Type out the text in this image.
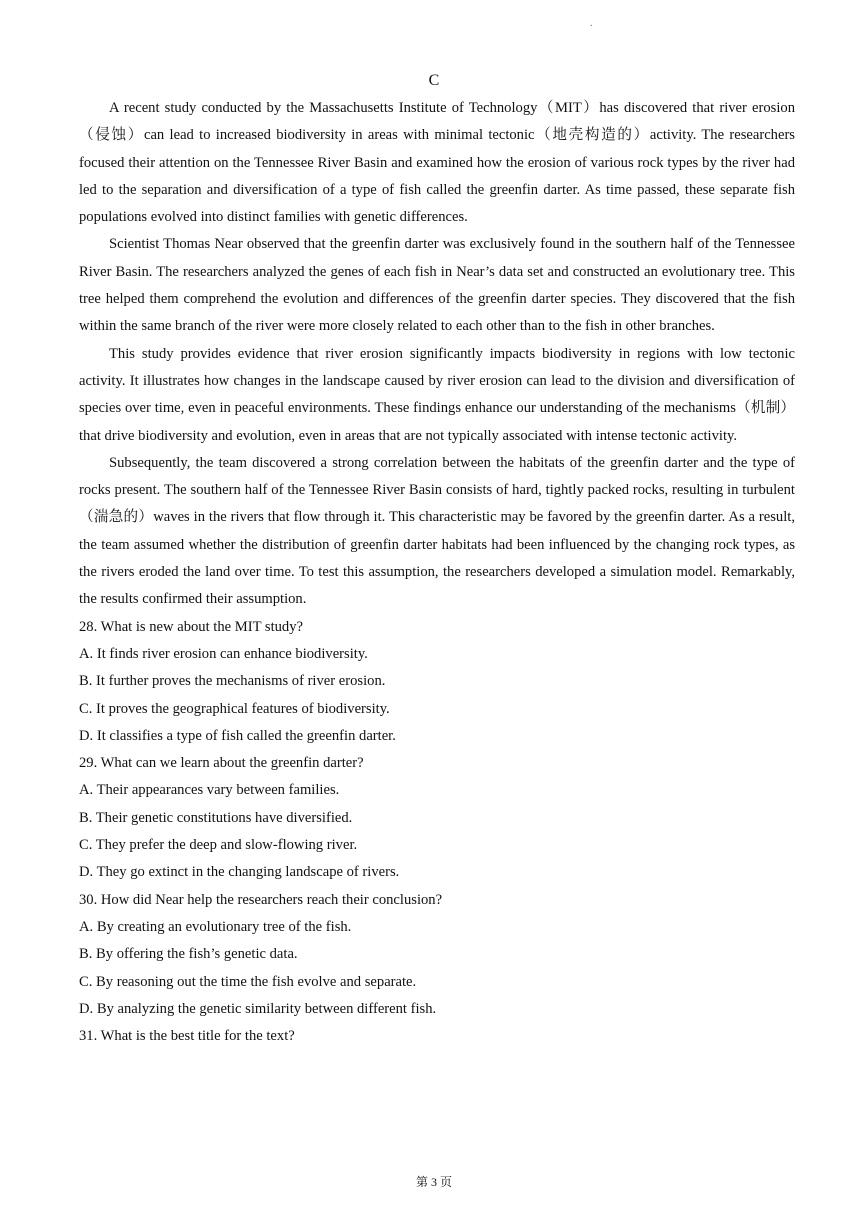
.
C

A recent study conducted by the Massachusetts Institute of Technology（MIT）has discovered that river erosion（侵蚀）can lead to increased biodiversity in areas with minimal tectonic（地壳构造的）activity. The researchers focused their attention on the Tennessee River Basin and examined how the erosion of various rock types by the river had led to the separation and diversification of a type of fish called the greenfin darter. As time passed, these separate fish populations evolved into distinct families with genetic differences.

Scientist Thomas Near observed that the greenfin darter was exclusively found in the southern half of the Tennessee River Basin. The researchers analyzed the genes of each fish in Near’s data set and constructed an evolutionary tree. This tree helped them comprehend the evolution and differences of the greenfin darter species. They discovered that the fish within the same branch of the river were more closely related to each other than to the fish in other branches.

This study provides evidence that river erosion significantly impacts biodiversity in regions with low tectonic activity. It illustrates how changes in the landscape caused by river erosion can lead to the division and diversification of species over time, even in peaceful environments. These findings enhance our understanding of the mechanisms（机制）that drive biodiversity and evolution, even in areas that are not typically associated with intense tectonic activity.

Subsequently, the team discovered a strong correlation between the habitats of the greenfin darter and the type of rocks present. The southern half of the Tennessee River Basin consists of hard, tightly packed rocks, resulting in turbulent（湍急的）waves in the rivers that flow through it. This characteristic may be favored by the greenfin darter. As a result, the team assumed whether the distribution of greenfin darter habitats had been influenced by the changing rock types, as the rivers eroded the land over time. To test this assumption, the researchers developed a simulation model. Remarkably, the results confirmed their assumption.

28. What is new about the MIT study?

A. It finds river erosion can enhance biodiversity.

B. It further proves the mechanisms of river erosion.

C. It proves the geographical features of biodiversity.

D. It classifies a type of fish called the greenfin darter.

29. What can we learn about the greenfin darter?

A. Their appearances vary between families.

B. Their genetic constitutions have diversified.

C. They prefer the deep and slow-flowing river.

D. They go extinct in the changing landscape of rivers.

30. How did Near help the researchers reach their conclusion?

A. By creating an evolutionary tree of the fish.

B. By offering the fish’s genetic data.

C. By reasoning out the time the fish evolve and separate.

D. By analyzing the genetic similarity between different fish.

31. What is the best title for the text?

第 3 页
